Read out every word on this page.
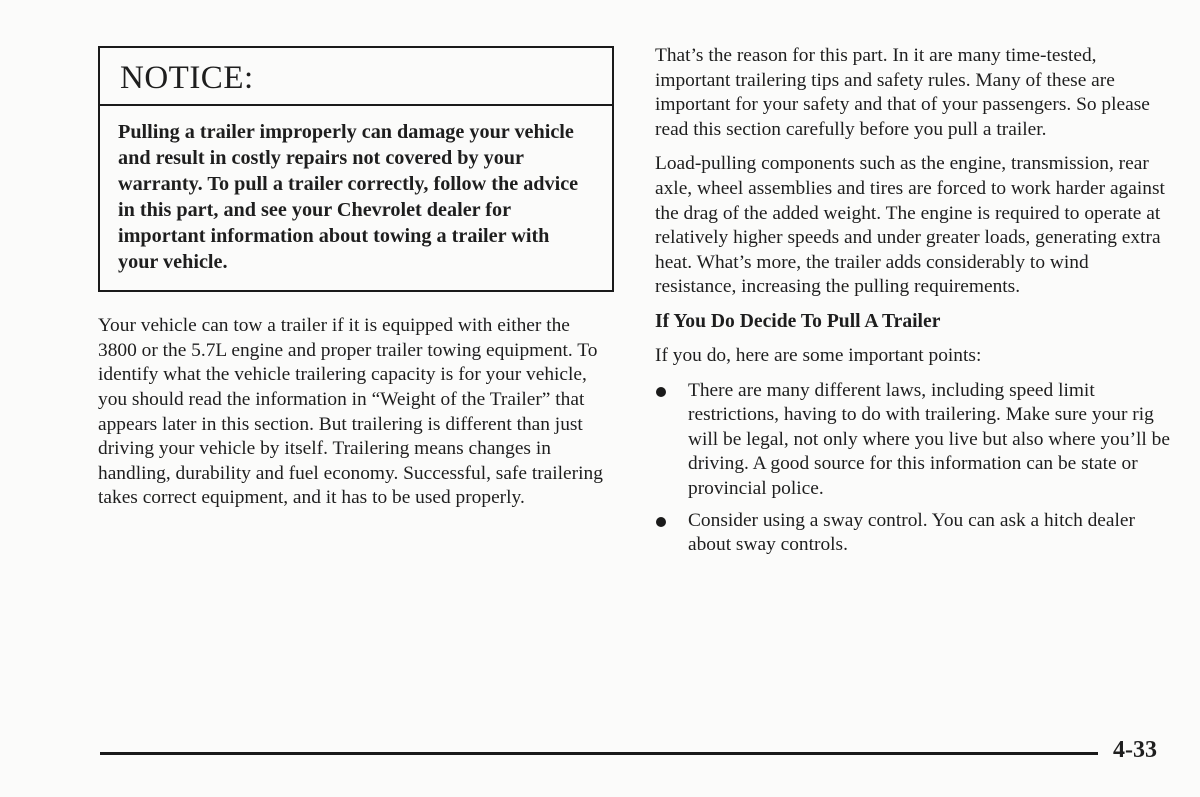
NOTICE:

Pulling a trailer improperly can damage your vehicle and result in costly repairs not covered by your warranty. To pull a trailer correctly, follow the advice in this part, and see your Chevrolet dealer for important information about towing a trailer with your vehicle.

Your vehicle can tow a trailer if it is equipped with either the 3800 or the 5.7L engine and proper trailer towing equipment. To identify what the vehicle trailering capacity is for your vehicle, you should read the information in “Weight of the Trailer” that appears later in this section. But trailering is different than just driving your vehicle by itself. Trailering means changes in handling, durability and fuel economy. Successful, safe trailering takes correct equipment, and it has to be used properly.

That’s the reason for this part. In it are many time-tested, important trailering tips and safety rules. Many of these are important for your safety and that of your passengers. So please read this section carefully before you pull a trailer.

Load-pulling components such as the engine, transmission, rear axle, wheel assemblies and tires are forced to work harder against the drag of the added weight. The engine is required to operate at relatively higher speeds and under greater loads, generating extra heat. What’s more, the trailer adds considerably to wind resistance, increasing the pulling requirements.

If You Do Decide To Pull A Trailer

If you do, here are some important points:

There are many different laws, including speed limit restrictions, having to do with trailering. Make sure your rig will be legal, not only where you live but also where you’ll be driving. A good source for this information can be state or provincial police.
Consider using a sway control. You can ask a hitch dealer about sway controls.
4-33
